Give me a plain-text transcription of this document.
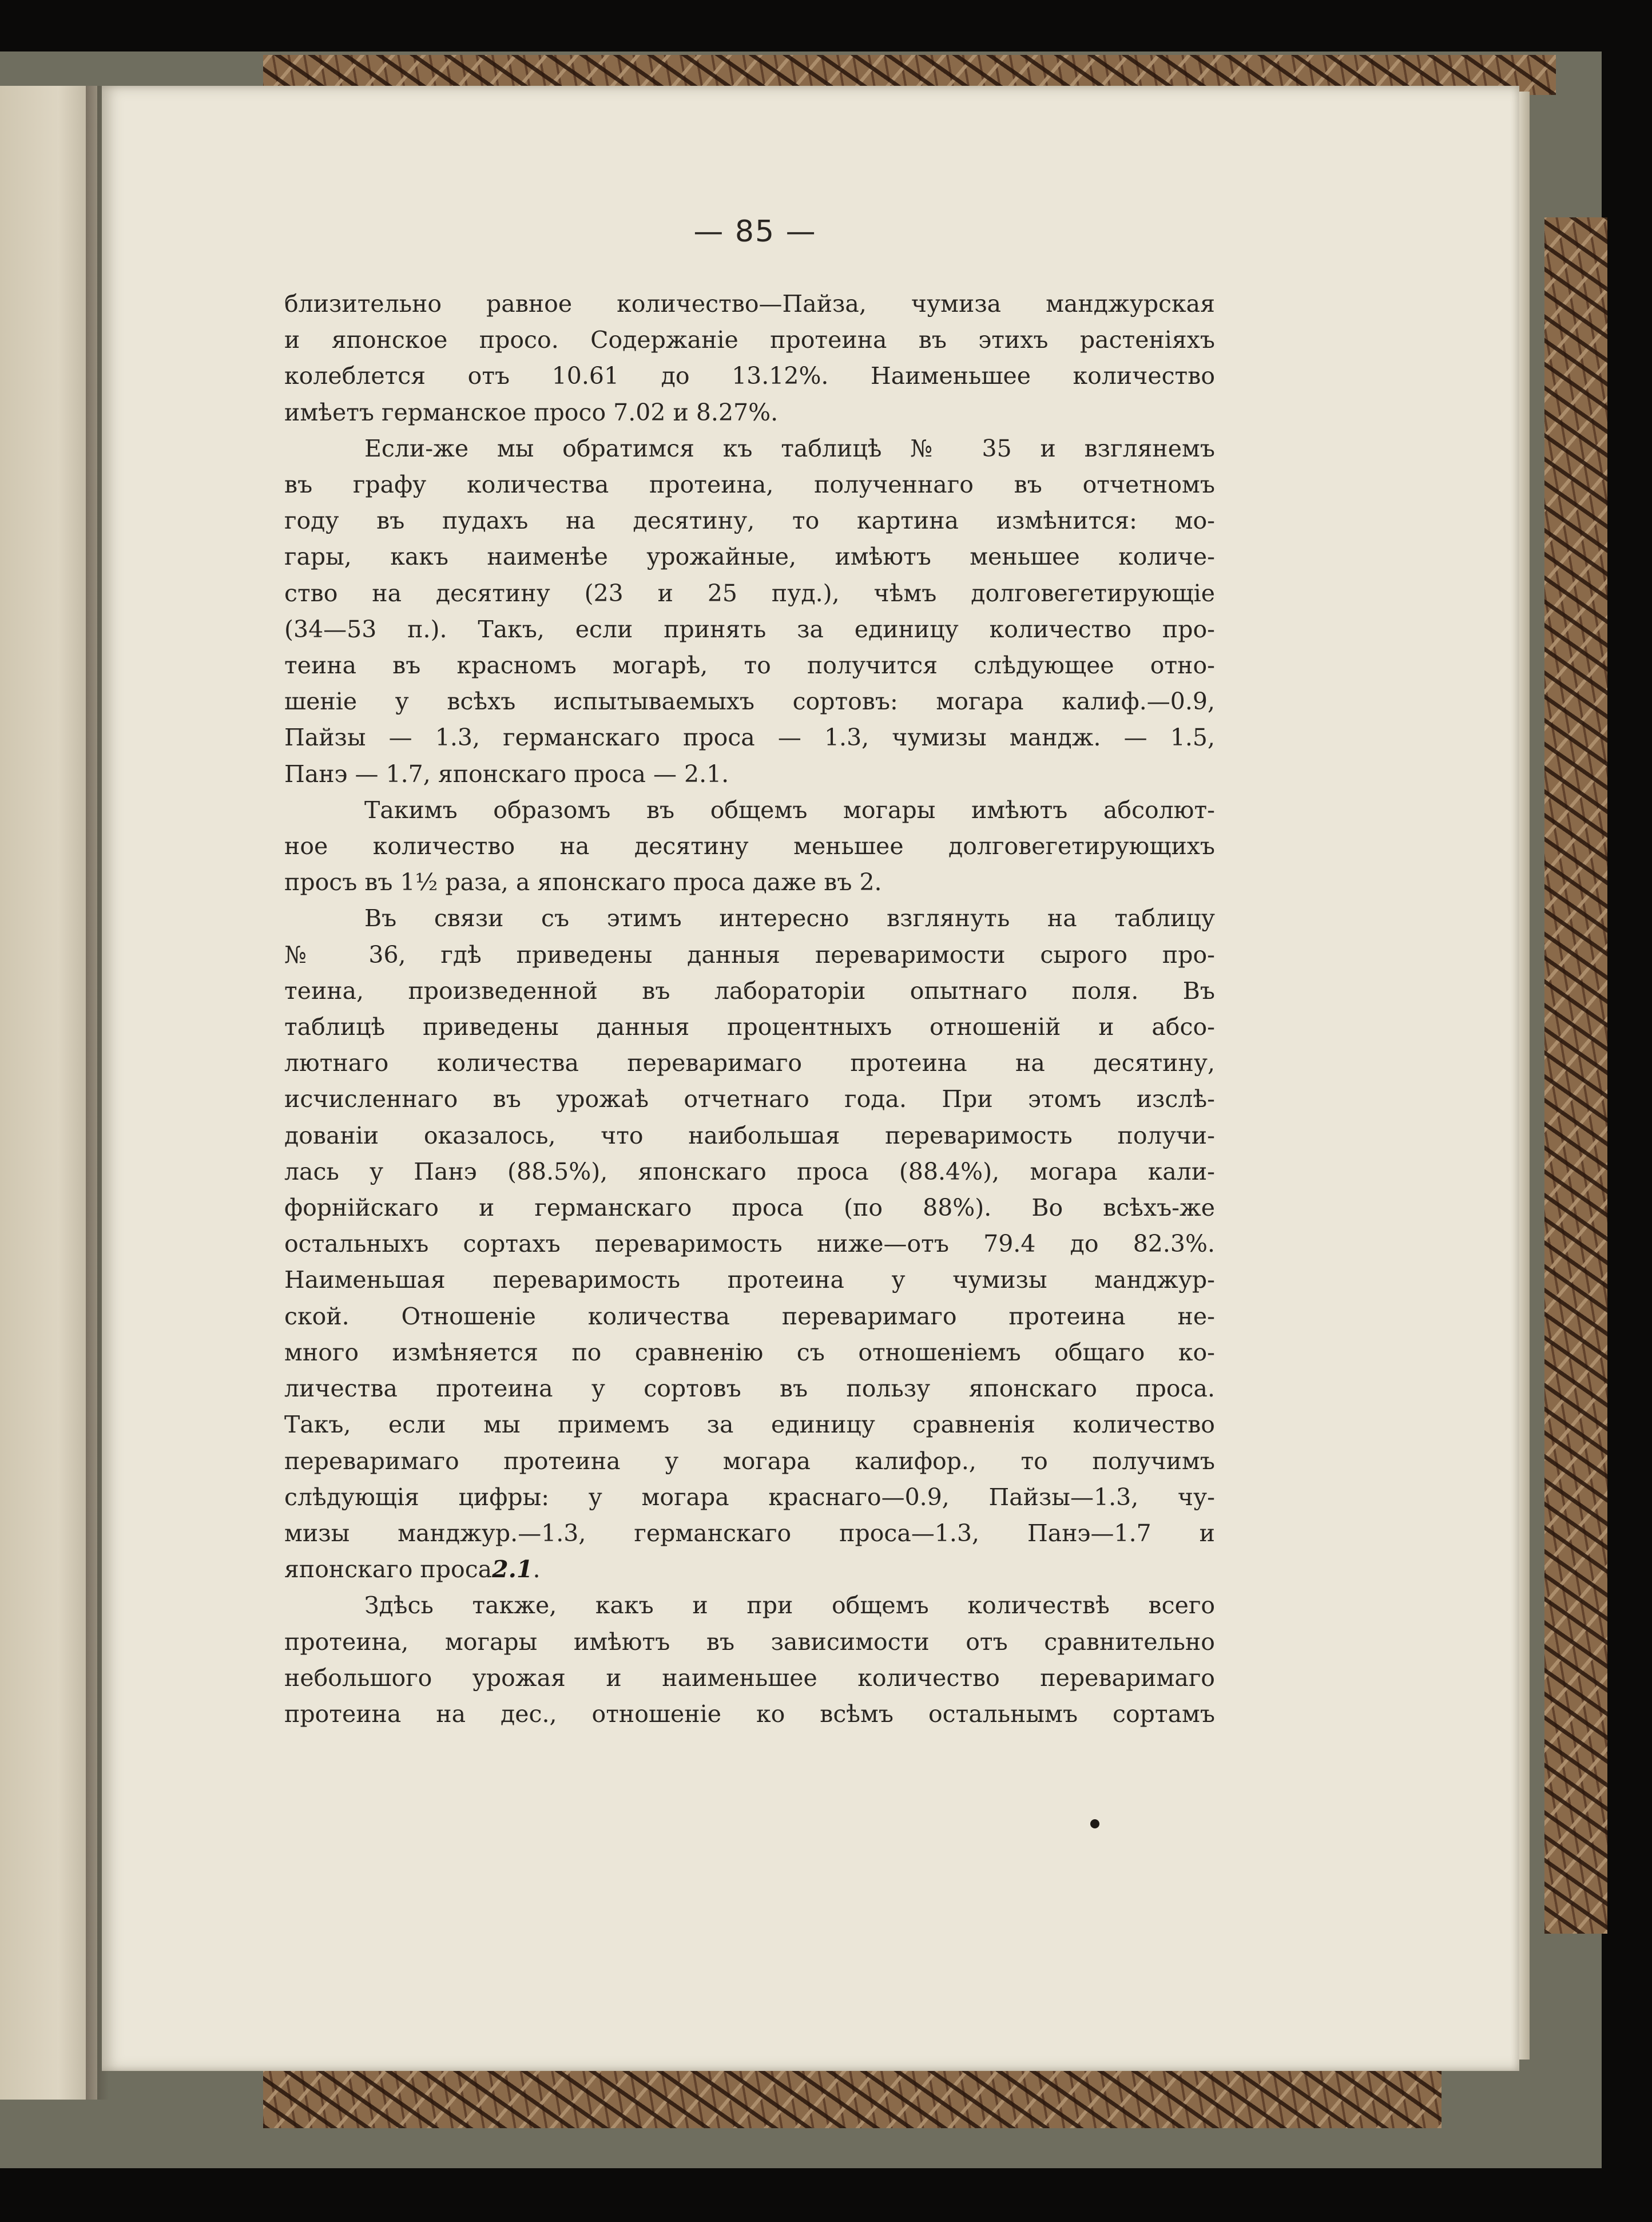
— 85 —

близительно равное количество—Пайза, чумиза манджурская

и японское просо. Содержаніе протеина въ этихъ растеніяхъ

колеблется отъ 10.61 до 13.12%. Наименьшее количество

имѣетъ германское просо 7.02 и 8.27%.

Если-же мы обратимся къ таблицѣ № 35 и взглянемъ

въ графу количества протеина, полученнаго въ отчетномъ

году въ пудахъ на десятину, то картина измѣнится: мо-

гары, какъ наименѣе урожайные, имѣютъ меньшее количе-

ство на десятину (23 и 25 пуд.), чѣмъ долговегетирующіе

(34—53 п.). Такъ, если принять за единицу количество про-

теина въ красномъ могарѣ, то получится слѣдующее отно-

шеніе у всѣхъ испытываемыхъ сортовъ: могара калиф.—0.9,

Пайзы — 1.3, германскаго проса — 1.3, чумизы мандж. — 1.5,

Панэ — 1.7, японскаго проса — 2.1.

Такимъ образомъ въ общемъ могары имѣютъ абсолют-

ное количество на десятину меньшее долговегетирующихъ

просъ въ 1½ раза, а японскаго проса даже въ 2.

Въ связи съ этимъ интересно взглянуть на таблицу

№ 36, гдѣ приведены данныя переваримости сырого про-

теина, произведенной въ лабораторіи опытнаго поля. Въ

таблицѣ приведены данныя процентныхъ отношеній и абсо-

лютнаго количества переваримаго протеина на десятину,

исчисленнаго въ урожаѣ отчетнаго года. При этомъ изслѣ-

дованіи оказалось, что наибольшая переваримость получи-

лась у Панэ (88.5%), японскаго проса (88.4%), могара кали-

форнійскаго и германскаго проса (по 88%). Во всѣхъ-же

остальныхъ сортахъ переваримость ниже—отъ 79.4 до 82.3%.

Наименьшая переваримость протеина у чумизы манджур-

ской. Отношеніе количества переваримаго протеина не-

много измѣняется по сравненію съ отношеніемъ общаго ко-

личества протеина у сортовъ въ пользу японскаго проса.

Такъ, если мы примемъ за единицу сравненія количество

переваримаго протеина у могара калифор., то получимъ

слѣдующія цифры: у могара краснаго—0.9, Пайзы—1.3, чу-

мизы манджур.—1.3, германскаго проса—1.3, Панэ—1.7 и

японскаго проса2.1.

Здѣсь также, какъ и при общемъ количествѣ всего

протеина, могары имѣютъ въ зависимости отъ сравнительно

небольшого урожая и наименьшее количество переваримаго

протеина на дес., отношеніе ко всѣмъ остальнымъ сортамъ
